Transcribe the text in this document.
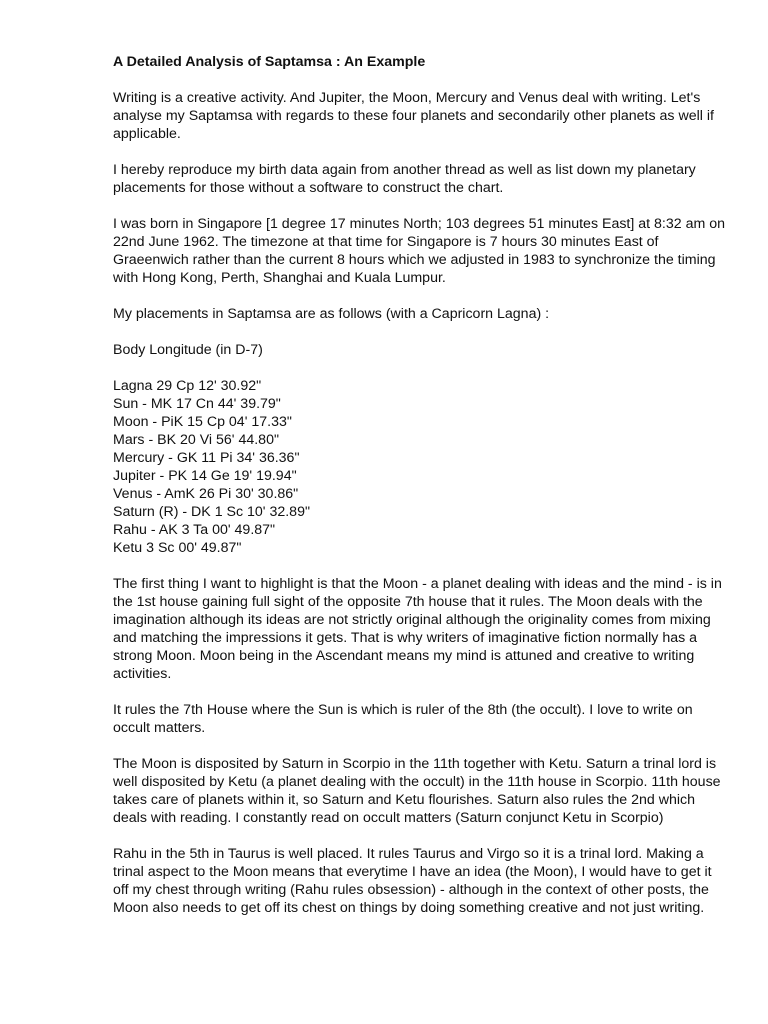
A Detailed Analysis of Saptamsa : An Example

Writing is a creative activity. And Jupiter, the Moon, Mercury and Venus deal with writing. Let's analyse my Saptamsa with regards to these four planets and secondarily other planets as well if applicable.

I hereby reproduce my birth data again from another thread as well as list down my planetary placements for those without a software to construct the chart.

I was born in Singapore [1 degree 17 minutes North; 103 degrees 51 minutes East] at 8:32 am on 22nd June 1962. The timezone at that time for Singapore is 7 hours 30 minutes East of Graeenwich rather than the current 8 hours which we adjusted in 1983 to synchronize the timing with Hong Kong, Perth, Shanghai and Kuala Lumpur.

My placements in Saptamsa are as follows (with a Capricorn Lagna) :

Body Longitude (in D-7)

Lagna 29 Cp 12' 30.92"
Sun - MK 17 Cn 44' 39.79"
Moon - PiK 15 Cp 04' 17.33"
Mars - BK 20 Vi 56' 44.80"
Mercury - GK 11 Pi 34' 36.36"
Jupiter - PK 14 Ge 19' 19.94"
Venus - AmK 26 Pi 30' 30.86"
Saturn (R) - DK 1 Sc 10' 32.89"
Rahu - AK 3 Ta 00' 49.87"
Ketu 3 Sc 00' 49.87"

The first thing I want to highlight is that the Moon - a planet dealing with ideas and the mind - is in the 1st house gaining full sight of the opposite 7th house that it rules. The Moon deals with the imagination although its ideas are not strictly original although the originality comes from mixing and matching the impressions it gets. That is why writers of imaginative fiction normally has a strong Moon. Moon being in the Ascendant means my mind is attuned and creative to writing activities.

It rules the 7th House where the Sun is which is ruler of the 8th (the occult). I love to write on occult matters.

The Moon is disposited by Saturn in Scorpio in the 11th together with Ketu. Saturn a trinal lord is well disposited by Ketu (a planet dealing with the occult) in the 11th house in Scorpio. 11th house takes care of planets within it, so Saturn and Ketu flourishes. Saturn also rules the 2nd which deals with reading. I constantly read on occult matters (Saturn conjunct Ketu in Scorpio)

Rahu in the 5th in Taurus is well placed. It rules Taurus and Virgo so it is a trinal lord. Making a trinal aspect to the Moon means that everytime I have an idea (the Moon), I would have to get it off my chest through writing (Rahu rules obsession) - although in the context of other posts, the Moon also needs to get off its chest on things by doing something creative and not just writing.
